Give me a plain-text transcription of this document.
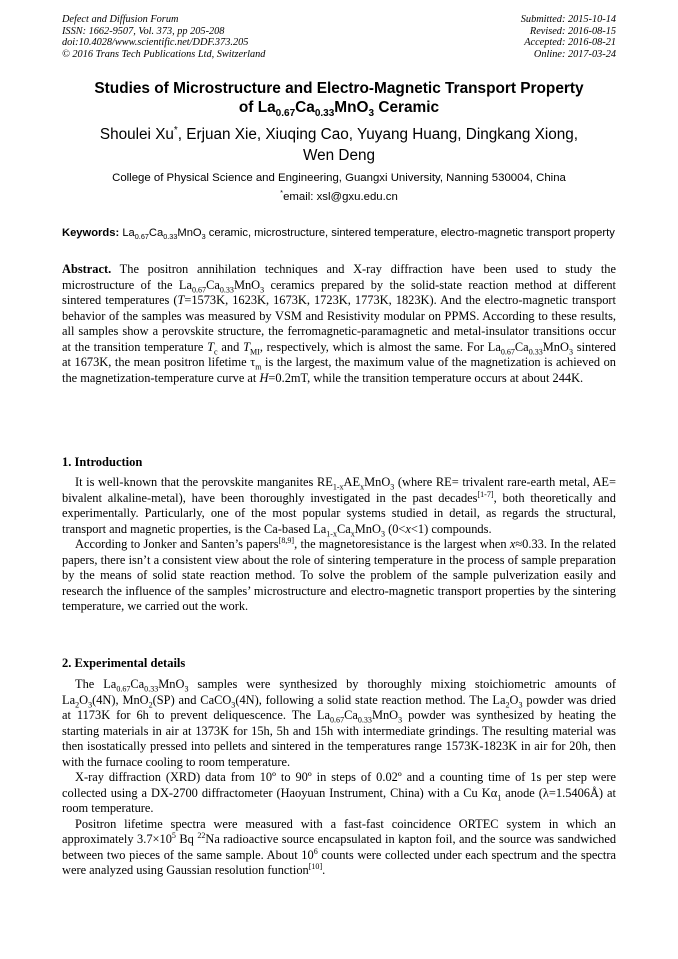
Defect and Diffusion Forum
ISSN: 1662-9507, Vol. 373, pp 205-208
doi:10.4028/www.scientific.net/DDF.373.205
© 2016 Trans Tech Publications Ltd, Switzerland
Submitted: 2015-10-14
Revised: 2016-08-15
Accepted: 2016-08-21
Online: 2017-03-24
Studies of Microstructure and Electro-Magnetic Transport Property
of $La_{0.67}Ca_{0.33}MnO_3$ Ceramic
Shoulei Xu*, Erjuan Xie, Xiuqing Cao, Yuyang Huang, Dingkang Xiong,
Wen Deng
College of Physical Science and Engineering, Guangxi University, Nanning 530004, China
*email: xsl@gxu.edu.cn
Keywords: $La_{0.67}Ca_{0.33}MnO_3$ ceramic, microstructure, sintered temperature, electro-magnetic transport property

Abstract. The positron annihilation techniques and X-ray diffraction have been used to study the microstructure of the $La_{0.67}Ca_{0.33}MnO_3$ ceramics prepared by the solid-state reaction method at different sintered temperatures (T=1573K, 1623K, 1673K, 1723K, 1773K, 1823K). And the electro-magnetic transport behavior of the samples was measured by VSM and Resistivity modular on PPMS. According to these results, all samples show a perovskite structure, the ferromagnetic-paramagnetic and metal-insulator transitions occur at the transition temperature $T_c$ and $T_{MI}$, respectively, which is almost the same. For $La_{0.67}Ca_{0.33}MnO_3$ sintered at 1673K, the mean positron lifetime $\tau_m$ is the largest, the maximum value of the magnetization is achieved on the magnetization-temperature curve at H=0.2mT, while the transition temperature occurs at about 244K.

1. Introduction

It is well-known that the perovskite manganites $RE_{1-x}AE_xMnO_3$ (where RE= trivalent rare-earth metal, AE= bivalent alkaline-metal), have been thoroughly investigated in the past decades[1-7], both theoretically and experimentally. Particularly, one of the most popular systems studied in detail, as regards the structural, transport and magnetic properties, is the Ca-based $La_{1-x}Ca_xMnO_3$ (0<x<1) compounds.

According to Jonker and Santen’s papers[8,9], the magnetoresistance is the largest when x≈0.33. In the related papers, there isn’t a consistent view about the role of sintering temperature in the process of sample preparation by the means of solid state reaction method. To solve the problem of the sample pulverization easily and research the influence of the samples’ microstructure and electro-magnetic transport properties by the sintering temperature, we carried out the work.

2. Experimental details

The $La_{0.67}Ca_{0.33}MnO_3$ samples were synthesized by thoroughly mixing stoichiometric amounts of $La_2O_3(4N)$, MnO$_2$(SP) and CaCO$_3$(4N), following a solid state reaction method. The $La_2O_3$ powder was dried at 1173K for 6h to prevent deliquescence. The $La_{0.67}Ca_{0.33}MnO_3$ powder was synthesized by heating the starting materials in air at 1373K for 15h, 5h and 15h with intermediate grindings. The resulting material was then isostatically pressed into pellets and sintered in the temperatures range 1573K-1823K in air for 20h, then with the furnace cooling to room temperature.

X-ray diffraction (XRD) data from 10º to 90º in steps of 0.02º and a counting time of 1s per step were collected using a DX-2700 diffractometer (Haoyuan Instrument, China) with a Cu $K\alpha_1$ anode (λ=1.5406Å) at room temperature.

Positron lifetime spectra were measured with a fast-fast coincidence ORTEC system in which an approximately $3.7\times 10^5$ Bq $^{22}$Na radioactive source encapsulated in kapton foil, and the source was sandwiched between two pieces of the same sample. About $10^6$ counts were collected under each spectrum and the spectra were analyzed using Gaussian resolution function[10].
